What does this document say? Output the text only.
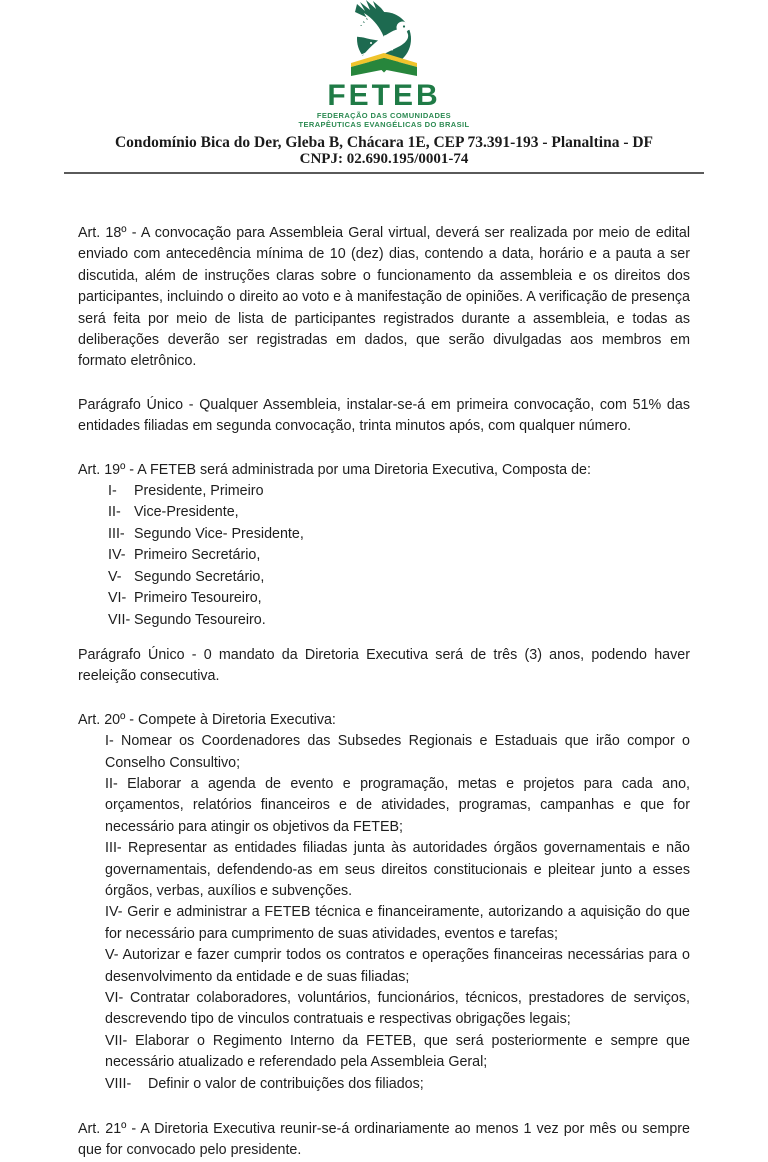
FETEB
FEDERAÇÃO DAS COMUNIDADES
TERAPÊUTICAS EVANGÉLICAS DO BRASIL
Condomínio Bica do Der, Gleba B, Chácara 1E, CEP 73.391-193 - Planaltina - DF
CNPJ: 02.690.195/0001-74

Art. 18º - A convocação para Assembleia Geral virtual, deverá ser realizada por meio de edital enviado com antecedência mínima de 10 (dez) dias, contendo a data, horário e a pauta a ser discutida, além de instruções claras sobre o funcionamento da assembleia e os direitos dos participantes, incluindo o direito ao voto e à manifestação de opiniões. A verificação de presença será feita por meio de lista de participantes registrados durante a assembleia, e todas as deliberações deverão ser registradas em dados, que serão divulgadas aos membros em formato eletrônico.

Parágrafo Único - Qualquer Assembleia, instalar-se-á em primeira convocação, com 51% das entidades filiadas em segunda convocação, trinta minutos após, com qualquer número.

Art. 19º - A FETEB será administrada por uma Diretoria Executiva, Composta de:

I-	Presidente, Primeiro
II- Vice-Presidente,
III- Segundo Vice- Presidente,
IV- Primeiro Secretário,
V- Segundo Secretário,
VI- Primeiro Tesoureiro,
VII- Segundo Tesoureiro.

Parágrafo Único - 0 mandato da Diretoria Executiva será de três (3) anos, podendo haver reeleição consecutiva.

Art. 20º - Compete à Diretoria Executiva:

I- Nomear os Coordenadores das Subsedes Regionais e Estaduais que irão compor o Conselho Consultivo;
II- Elaborar a agenda de evento e programação, metas e projetos para cada ano, orçamentos, relatórios financeiros e de atividades, programas, campanhas e que for necessário para atingir os objetivos da FETEB;
III- Representar as entidades filiadas junta às autoridades órgãos governamentais e não governamentais, defendendo-as em seus direitos constitucionais e pleitear junto a esses órgãos, verbas, auxílios e subvenções.
IV- Gerir e administrar a FETEB técnica e financeiramente, autorizando a aquisição do que for necessário para cumprimento de suas atividades, eventos e tarefas;
V- Autorizar e fazer cumprir todos os contratos e operações financeiras necessárias para o desenvolvimento da entidade e de suas filiadas;
VI- Contratar colaboradores, voluntários, funcionários, técnicos, prestadores de serviços, descrevendo tipo de vinculos contratuais e respectivas obrigações legais;
VII- Elaborar o Regimento Interno da FETEB, que será posteriormente e sempre que necessário atualizado e referendado pela Assembleia Geral;
VIII- Definir o valor de contribuições dos filiados;

Art. 21º - A Diretoria Executiva reunir-se-á ordinariamente ao menos 1 vez por mês ou sempre que for convocado pelo presidente.
